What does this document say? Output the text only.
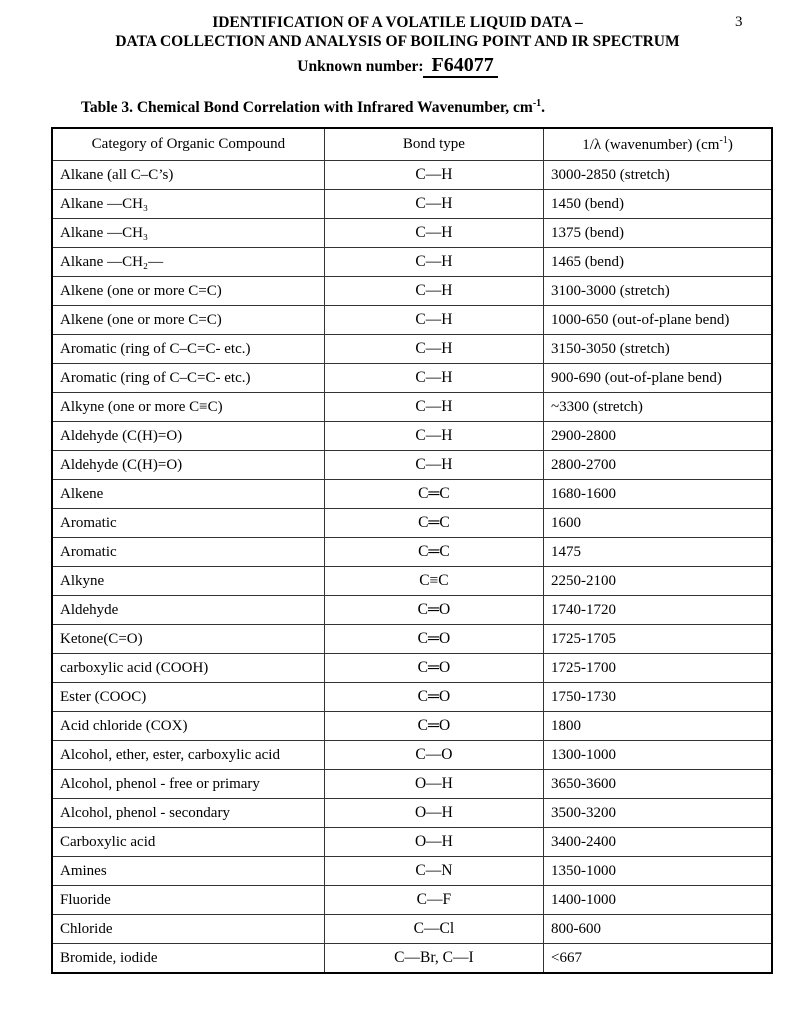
3
IDENTIFICATION OF A VOLATILE LIQUID DATA –
DATA COLLECTION AND ANALYSIS OF BOILING POINT AND IR SPECTRUM
Unknown number: F64077
Table 3. Chemical Bond Correlation with Infrared Wavenumber, $cm^{-1}$.
Category of Organic Compound	Bond type	1/λ (wavenumber) $(cm^{-1})$
Alkane (all C–C’s)	C—H	3000-2850 (stretch)
Alkane —CH₃	C—H	1450 (bend)
Alkane —CH₃	C—H	1375 (bend)
Alkane —CH₂—	C—H	1465 (bend)
Alkene (one or more C=C)	C—H	3100-3000 (stretch)
Alkene (one or more C=C)	C—H	1000-650 (out-of-plane bend)
Aromatic (ring of C–C=C- etc.)	C—H	3150-3050 (stretch)
Aromatic (ring of C–C=C- etc.)	C—H	900-690 (out-of-plane bend)
Alkyne (one or more C≡C)	C—H	~3300 (stretch)
Aldehyde (C(H)=O)	C—H	2900-2800
Aldehyde (C(H)=O)	C—H	2800-2700
Alkene	C═C	1680-1600
Aromatic	C═C	1600
Aromatic	C═C	1475
Alkyne	C≡C	2250-2100
Aldehyde	C═O	1740-1720
Ketone(C=O)	C═O	1725-1705
carboxylic acid (COOH)	C═O	1725-1700
Ester (COOC)	C═O	1750-1730
Acid chloride (COX)	C═O	1800
Alcohol, ether, ester, carboxylic acid	C—O	1300-1000
Alcohol, phenol - free or primary	O—H	3650-3600
Alcohol, phenol - secondary	O—H	3500-3200
Carboxylic acid	O—H	3400-2400
Amines	C—N	1350-1000
Fluoride	C—F	1400-1000
Chloride	C—Cl	800-600
Bromide, iodide	C—Br, C—I	<667
